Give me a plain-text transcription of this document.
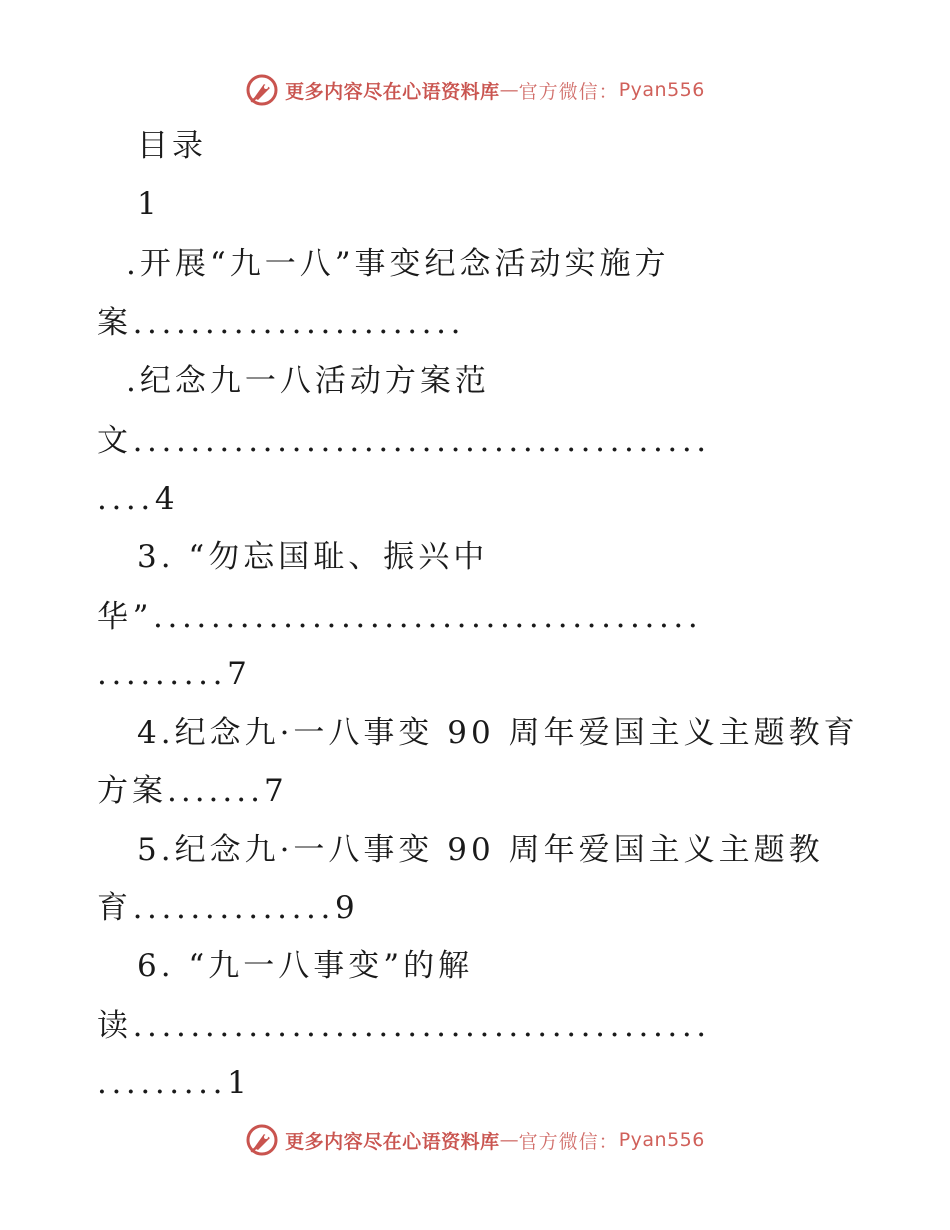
更多内容尽在心语资料库 — 官方微信： Pyan556
目录
1
.开展“九一八”事变纪念活动实施方
案.......................
.纪念九一八活动方案范
文........................................
....4
3. “勿忘国耻、振兴中
华”......................................
.........7
4.纪念九·一八事变 90 周年爱国主义主题教育
方案.......7
5.纪念九·一八事变 90 周年爱国主义主题教
育..............9
6. “九一八事变”的解
读........................................
.........1
更多内容尽在心语资料库 — 官方微信： Pyan556
